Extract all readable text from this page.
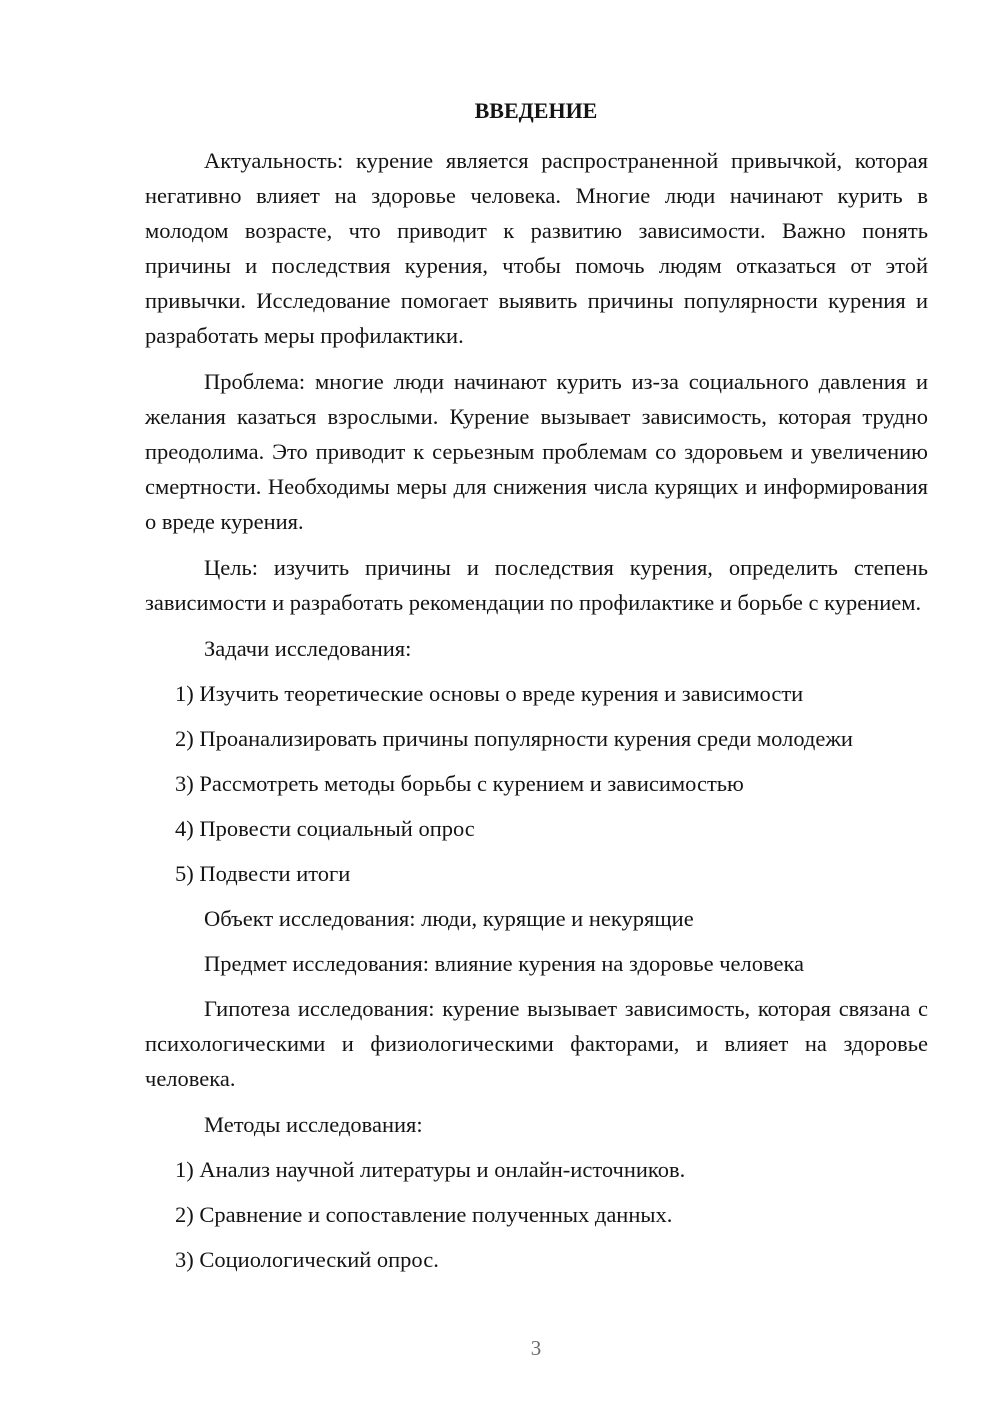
ВВЕДЕНИЕ

Актуальность: курение является распространенной привычкой, которая негативно влияет на здоровье человека. Многие люди начинают курить в молодом возрасте, что приводит к развитию зависимости. Важно понять причины и последствия курения, чтобы помочь людям отказаться от этой привычки. Исследование помогает выявить причины популярности курения и разработать меры профилактики.

Проблема: многие люди начинают курить из-за социального давления и желания казаться взрослыми. Курение вызывает зависимость, которая трудно преодолима. Это приводит к серьезным проблемам со здоровьем и увеличению смертности. Необходимы меры для снижения числа курящих и информирования о вреде курения.

Цель: изучить причины и последствия курения, определить степень зависимости и разработать рекомендации по профилактике и борьбе с курением.

Задачи исследования:
1) Изучить теоретические основы о вреде курения и зависимости
2) Проанализировать причины популярности курения среди молодежи
3) Рассмотреть методы борьбы с курением и зависимостью
4) Провести социальный опрос
5) Подвести итоги
Объект исследования: люди, курящие и некурящие
Предмет исследования: влияние курения на здоровье человека

Гипотеза исследования: курение вызывает зависимость, которая связана с психологическими и физиологическими факторами, и влияет на здоровье человека.

Методы исследования:
1) Анализ научной литературы и онлайн-источников.
2) Сравнение и сопоставление полученных данных.
3) Социологический опрос.
3
